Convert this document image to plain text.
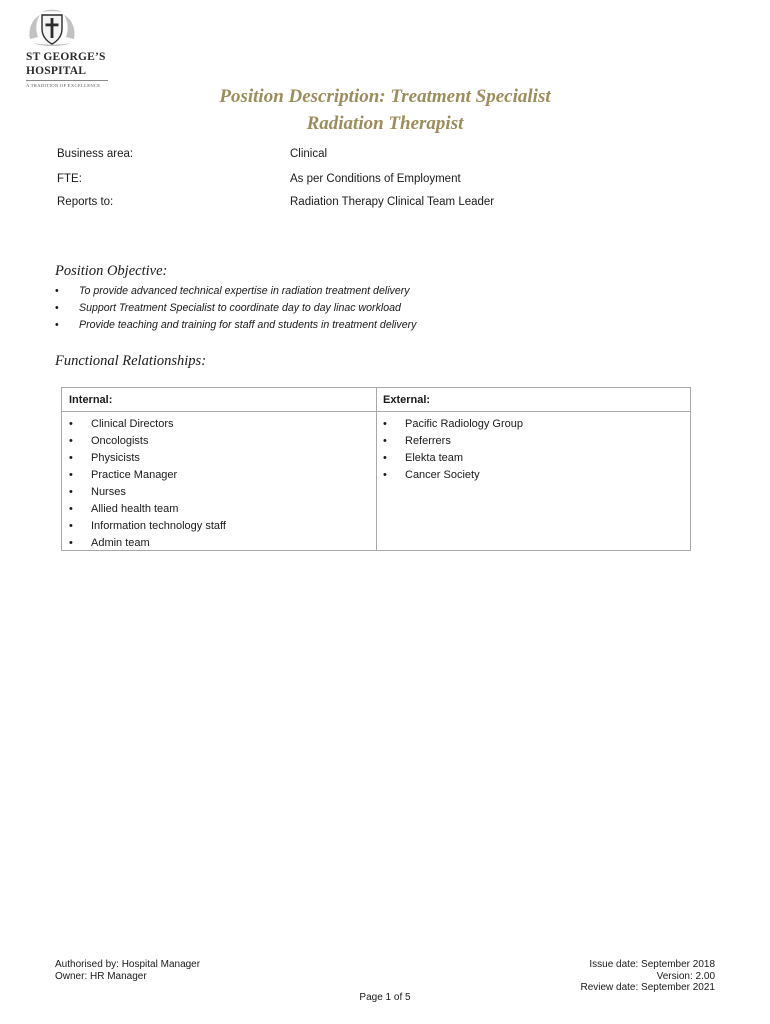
ST GEORGE’S
HOSPITAL
A TRADITION OF EXCELLENCE
Position Description: Treatment Specialist
Radiation Therapist
Business area:	Clinical
FTE:	As per Conditions of Employment
Reports to:	Radiation Therapy Clinical Team Leader
Position Objective:
• To provide advanced technical expertise in radiation treatment delivery
• Support Treatment Specialist to coordinate day to day linac workload
• Provide teaching and training for staff and students in treatment delivery
Functional Relationships:
Internal:
• Clinical Directors
• Oncologists
• Physicists
• Practice Manager
• Nurses
• Allied health team
• Information technology staff
• Admin team
External:
• Pacific Radiology Group
• Referrers
• Elekta team
• Cancer Society
Authorised by: Hospital Manager
Owner: HR Manager
Issue date: September 2018
Version: 2.00
Review date: September 2021
Page 1 of 5
